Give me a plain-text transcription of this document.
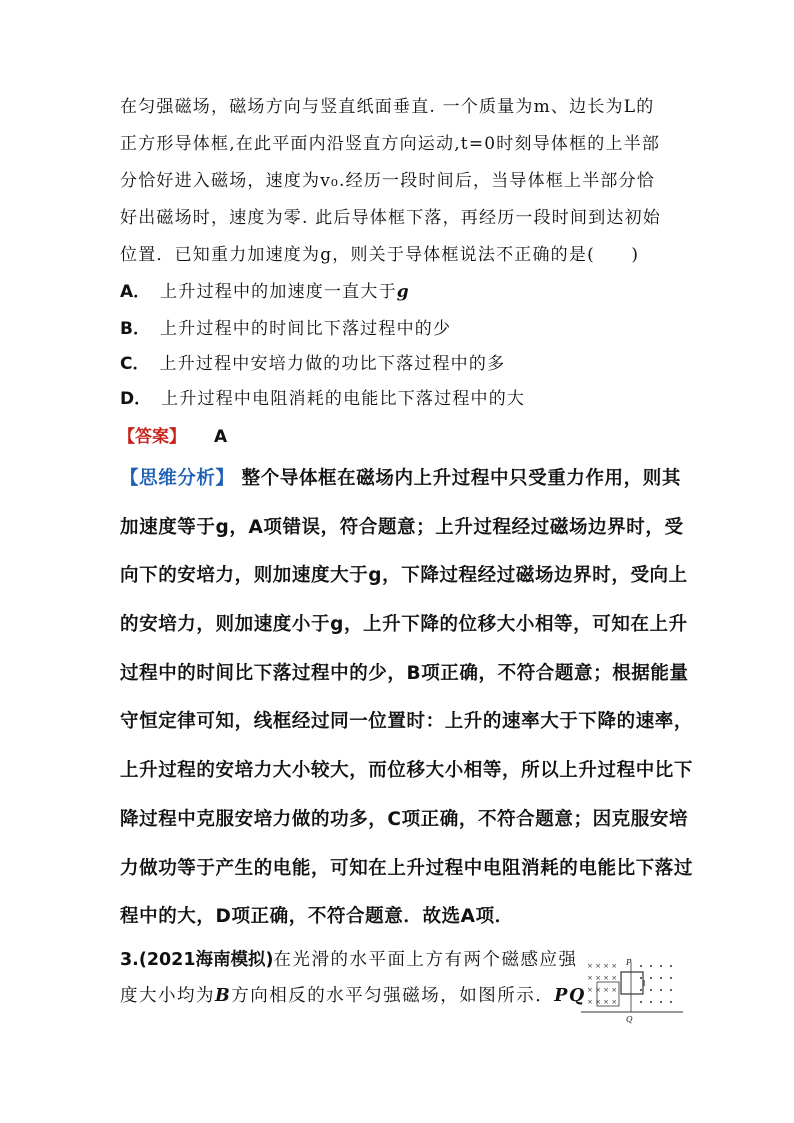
在匀强磁场，磁场方向与竖直纸面垂直. 一个质量为m、边长为L的
正方形导体框,在此平面内沿竖直方向运动,t=0时刻导体框的上半部
分恰好进入磁场，速度为v₀.经历一段时间后，当导体框上半部分恰
好出磁场时，速度为零. 此后导体框下落，再经历一段时间到达初始
位置．已知重力加速度为g，则关于导体框说法不正确的是(　　)
A． 上升过程中的加速度一直大于g
B． 上升过程中的时间比下落过程中的少
C． 上升过程中安培力做的功比下落过程中的多
D． 上升过程中电阻消耗的电能比下落过程中的大
【答案】 A
【思维分析】 整个导体框在磁场内上升过程中只受重力作用，则其
加速度等于g，A项错误，符合题意；上升过程经过磁场边界时，受
向下的安培力，则加速度大于g，下降过程经过磁场边界时，受向上
的安培力，则加速度小于g，上升下降的位移大小相等，可知在上升
过程中的时间比下落过程中的少，B项正确，不符合题意；根据能量
守恒定律可知，线框经过同一位置时：上升的速率大于下降的速率，
上升过程的安培力大小较大，而位移大小相等，所以上升过程中比下
降过程中克服安培力做的功多，C项正确，不符合题意；因克服安培
力做功等于产生的电能，可知在上升过程中电阻消耗的电能比下落过
程中的大，D项正确，不符合题意．故选A项．
3.(2021海南模拟)在光滑的水平面上方有两个磁感应强
度大小均为B方向相反的水平匀强磁场，如图所示．PQ
× × × ×
× × × ×
× × × ×
× × × ×
P
Q
I
